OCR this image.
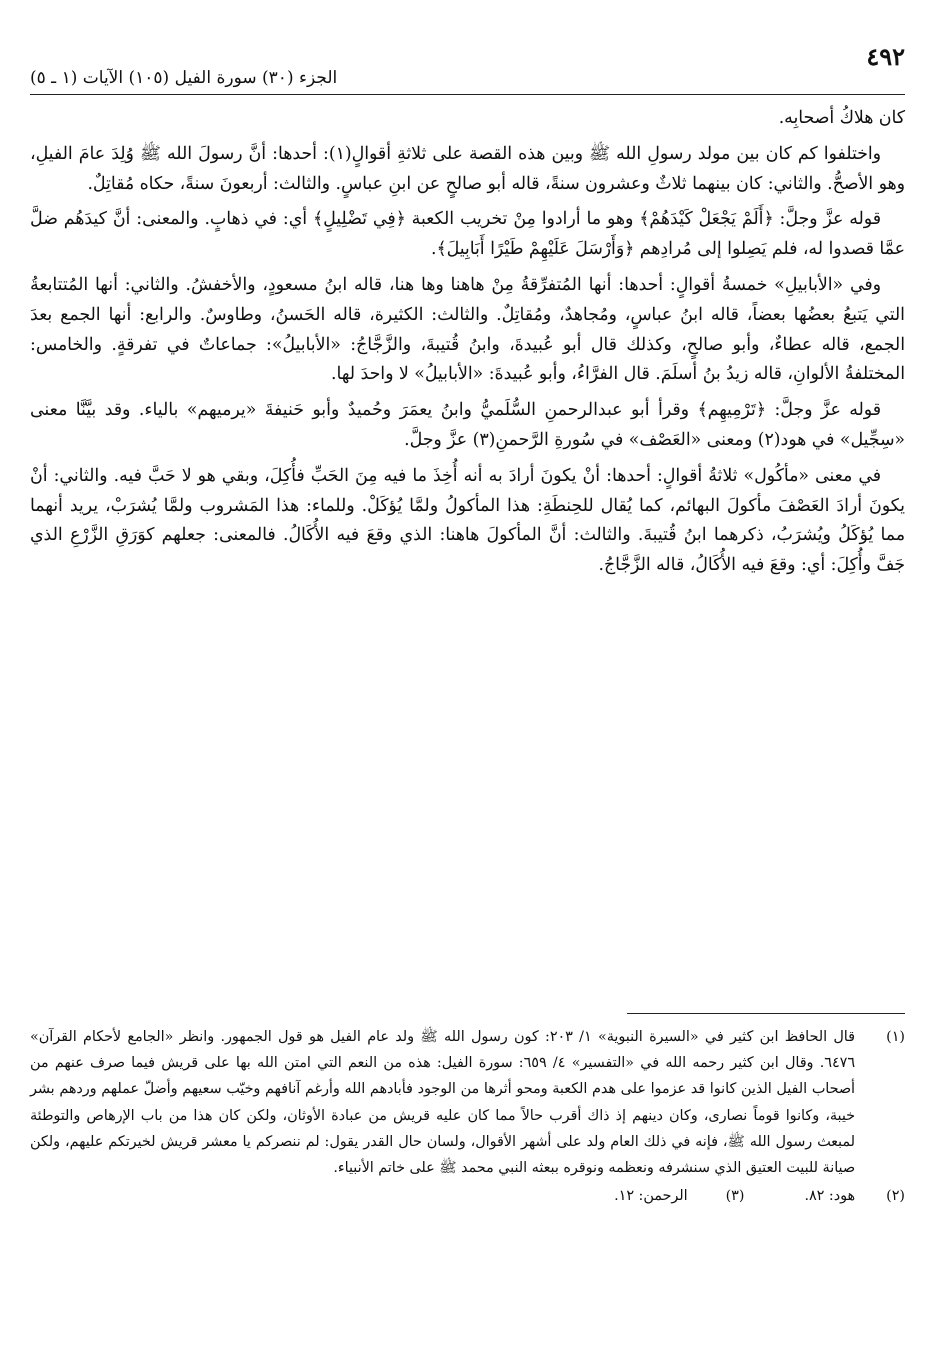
٤٩٢
الجزء (٣٠) سورة الفيل (١٠٥) الآيات (١ ـ ٥)

كان هلاكُ أصحابِه.

واختلفوا كم كان بين مولد رسولِ الله ﷺ وبين هذه القصة على ثلاثةِ أقوالٍ(١): أحدها: أنَّ رسولَ الله ﷺ وُلِدَ عامَ الفيلِ، وهو الأصحُّ. والثاني: كان بينهما ثلاثٌ وعشرون سنةً، قاله أبو صالحٍ عن ابنِ عباسٍ. والثالث: أربعونَ سنةً، حكاه مُقاتِلٌ.

قوله عزَّ وجلَّ: ﴿أَلَمْ يَجْعَلْ كَيْدَهُمْ﴾ وهو ما أرادوا مِنْ تخريب الكعبة ﴿فِي تَضْلِيلٍ﴾ أي: في ذهابٍ. والمعنى: أنَّ كيدَهُم ضلَّ عمَّا قصدوا له، فلم يَصِلوا إلى مُرادِهم ﴿وَأَرْسَلَ عَلَيْهِمْ طَيْرًا أَبَابِيلَ﴾.

وفي «الأبابيلِ» خمسةُ أقوالٍ: أحدها: أنها المُتفرِّقةُ مِنْ هاهنا وها هنا، قاله ابنُ مسعودٍ، والأخفشُ. والثاني: أنها المُتتابعةُ التي يَتبعُ بعضُها بعضاً، قاله ابنُ عباسٍ، ومُجاهدٌ، ومُقاتِلٌ. والثالث: الكثيرة، قاله الحَسنُ، وطاوسٌ. والرابع: أنها الجمع بعدَ الجمع، قاله عطاءٌ، وأبو صالحٍ، وكذلك قال أبو عُبيدةَ، وابنُ قُتيبةَ، والزَّجَّاجُ: «الأبابيلُ»: جماعاتٌ في تفرقةٍ. والخامس: المختلفةُ الألوانِ، قاله زيدُ بنُ أسلَمَ. قال الفرَّاءُ، وأبو عُبيدةَ: «الأبابيلُ» لا واحدَ لها.

قوله عزَّ وجلَّ: ﴿تَرْمِيهِم﴾ وقرأ أبو عبدالرحمنِ السُّلَميُّ وابنُ يعمَرَ وحُميدٌ وأبو حَنيفةَ «يرميهم» بالياء. وقد بيَّنَّا معنى «سِجِّيل» في هود(٢) ومعنى «العَصْف» في سُورةِ الرَّحمنِ(٣) عزَّ وجلَّ.

في معنى «مأكُول» ثلاثةُ أقوالٍ: أحدها: أنْ يكونَ أرادَ به أنه أُخِذَ ما فيه مِنَ الحَبِّ فأُكِلَ، وبقي هو لا حَبَّ فيه. والثاني: أنْ يكونَ أرادَ العَصْفَ مأكولَ البهائم، كما يُقال للحِنطَةِ: هذا المأكولُ ولمَّا يُؤكَلْ. وللماء: هذا المَشروب ولمَّا يُشرَبْ، يريد أنهما مما يُؤكَلُ ويُشرَبُ، ذكرهما ابنُ قُتيبةَ. والثالث: أنَّ المأكولَ هاهنا: الذي وقعَ فيه الأُكَالُ. فالمعنى: جعلهم كوَرَقِ الزَّرْعِ الذي جَفَّ وأُكِلَ: أي: وقعَ فيه الأُكَالُ، قاله الزَّجَّاجُ.

(١)
قال الحافظ ابن كثير في «السيرة النبوية» ١/ ٢٠٣: كون رسول الله ﷺ ولد عام الفيل هو قول الجمهور. وانظر «الجامع لأحكام القرآن» ٦٤٧٦. وقال ابن كثير رحمه الله في «التفسير» ٤/ ٦٥٩: سورة الفيل: هذه من النعم التي امتن الله بها على قريش فيما صرف عنهم من أصحاب الفيل الذين كانوا قد عزموا على هدم الكعبة ومحو أثرها من الوجود فأبادهم الله وأرغم آنافهم وخيّب سعيهم وأضلّ عملهم وردهم بشر خيبة، وكانوا قوماً نصارى، وكان دينهم إذ ذاك أقرب حالاً مما كان عليه قريش من عبادة الأوثان، ولكن كان هذا من باب الإرهاص والتوطئة لمبعث رسول الله ﷺ، فإنه في ذلك العام ولد على أشهر الأقوال، ولسان حال القدر يقول: لم ننصركم يا معشر قريش لخيرتكم عليهم، ولكن صيانة للبيت العتيق الذي سنشرفه ونعظمه ونوقره ببعثه النبي محمد ﷺ على خاتم الأنبياء.
(٢)
هود: ٨٢.
(٣)
الرحمن: ١٢.
